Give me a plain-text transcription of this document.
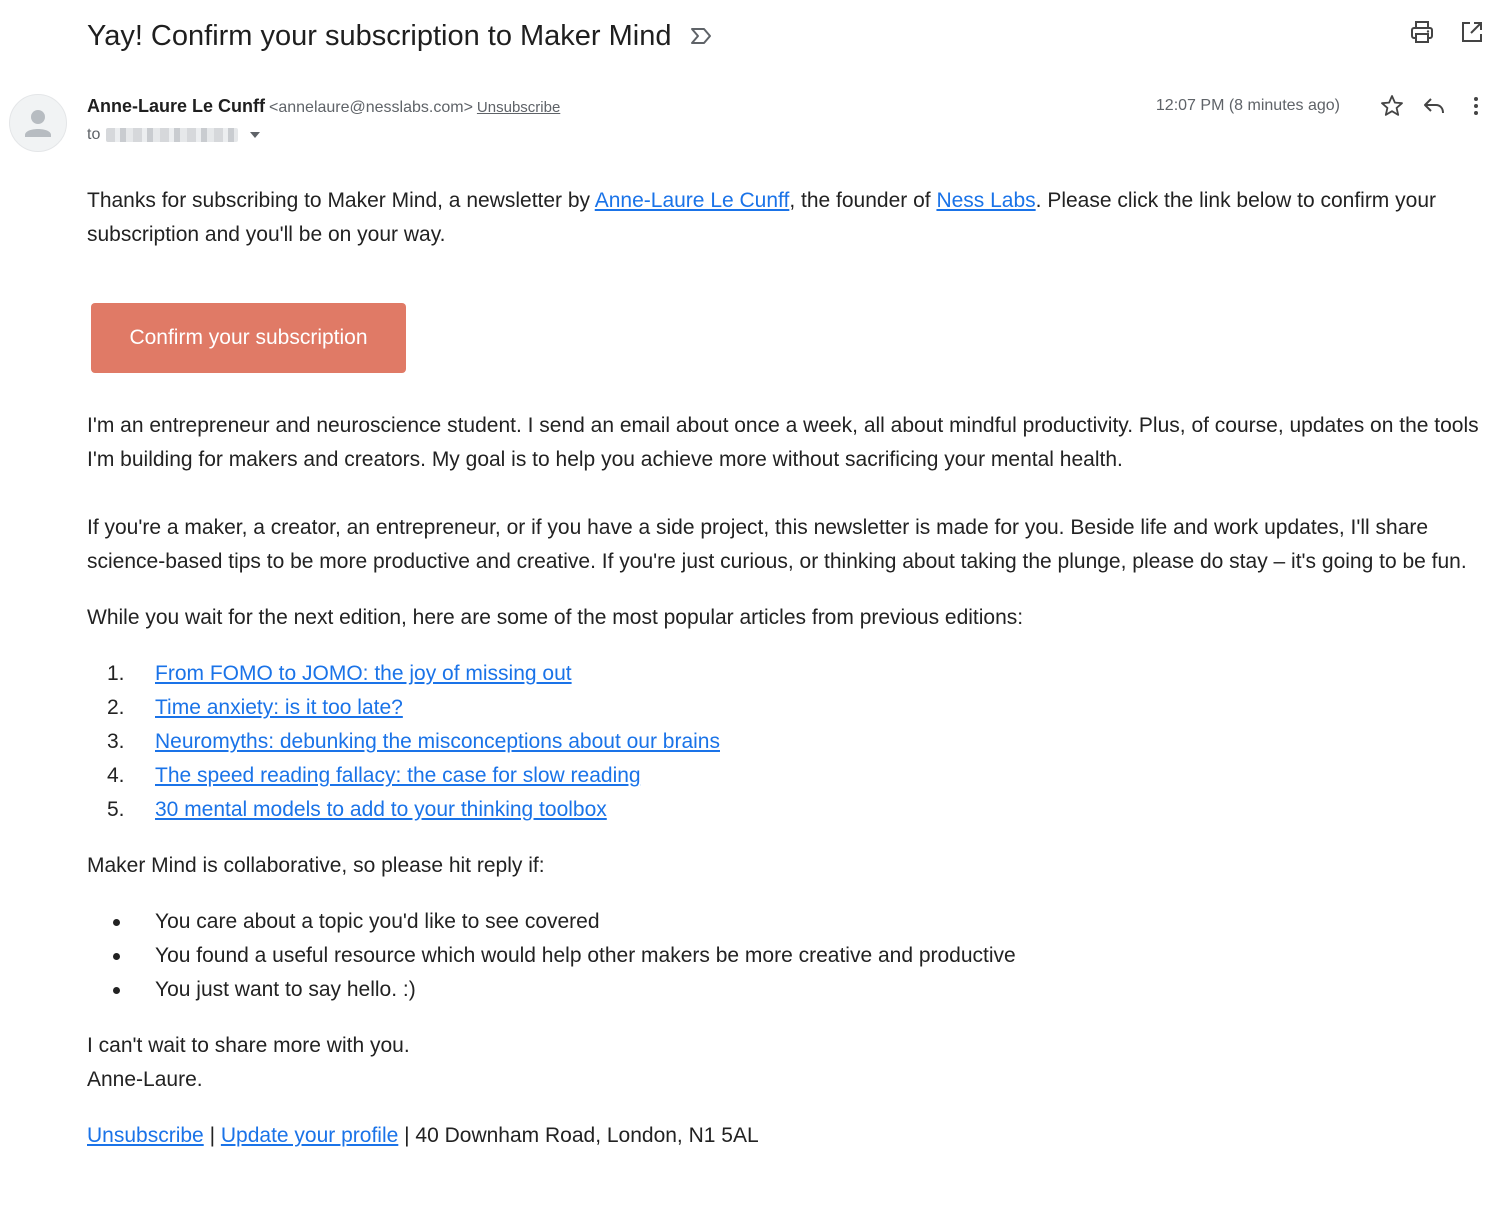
Yay! Confirm your subscription to Maker Mind
Anne-Laure Le Cunff <annelaure@nesslabs.com> Unsubscribe
to
12:07 PM (8 minutes ago)

Thanks for subscribing to Maker Mind, a newsletter by Anne-Laure Le Cunff, the founder of Ness Labs. Please click the link below to confirm your subscription and you'll be on your way.

Confirm your subscription

I'm an entrepreneur and neuroscience student. I send an email about once a week, all about mindful productivity. Plus, of course, updates on the tools I'm building for makers and creators. My goal is to help you achieve more without sacrificing your mental health.

If you're a maker, a creator, an entrepreneur, or if you have a side project, this newsletter is made for you. Beside life and work updates, I'll share science-based tips to be more productive and creative. If you're just curious, or thinking about taking the plunge, please do stay – it's going to be fun.

While you wait for the next edition, here are some of the most popular articles from previous editions:

1. From FOMO to JOMO: the joy of missing out
2. Time anxiety: is it too late?
3. Neuromyths: debunking the misconceptions about our brains
4. The speed reading fallacy: the case for slow reading
5. 30 mental models to add to your thinking toolbox

Maker Mind is collaborative, so please hit reply if:

You care about a topic you'd like to see covered
You found a useful resource which would help other makers be more creative and productive
You just want to say hello. :)

I can't wait to share more with you.
Anne-Laure.

Unsubscribe | Update your profile | 40 Downham Road, London, N1 5AL
